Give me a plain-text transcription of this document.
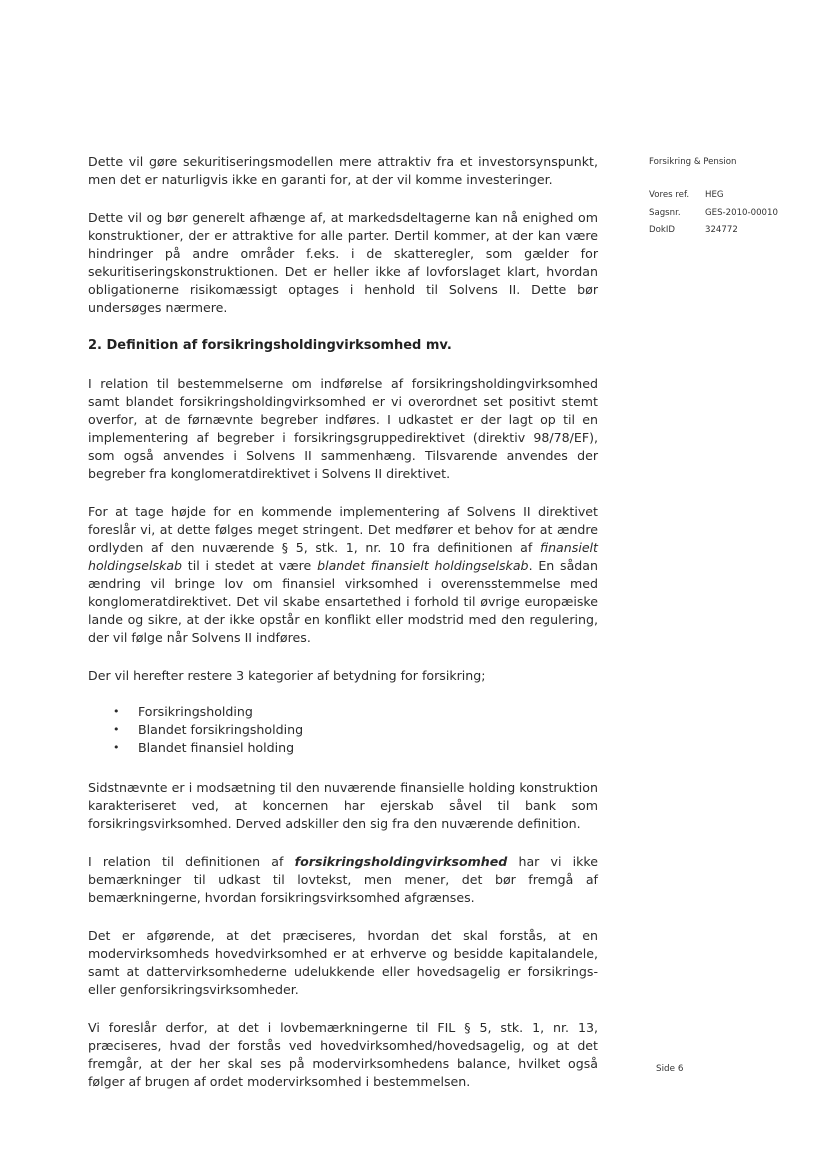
Dette vil gøre sekuritiseringsmodellen mere attraktiv fra et investorsynspunkt, men det er naturligvis ikke en garanti for, at der vil komme investeringer.

Dette vil og bør generelt afhænge af, at markedsdeltagerne kan nå enighed om konstruktioner, der er attraktive for alle parter. Dertil kommer, at der kan være hindringer på andre områder f.eks. i de skatteregler, som gælder for sekuritiseringskonstruktionen. Det er heller ikke af lovforslaget klart, hvordan obligationerne risikomæssigt optages i henhold til Solvens II. Dette bør undersøges nærmere.

2. Definition af forsikringsholdingvirksomhed mv.

I relation til bestemmelserne om indførelse af forsikringsholdingvirksomhed samt blandet forsikringsholdingvirksomhed er vi overordnet set positivt stemt overfor, at de førnævnte begreber indføres. I udkastet er der lagt op til en implementering af begreber i forsikringsgruppedirektivet (direktiv 98/78/EF), som også anvendes i Solvens II sammenhæng. Tilsvarende anvendes der begreber fra konglomeratdirektivet i Solvens II direktivet.

For at tage højde for en kommende implementering af Solvens II direktivet foreslår vi, at dette følges meget stringent. Det medfører et behov for at ændre ordlyden af den nuværende § 5, stk. 1, nr. 10 fra definitionen af finansielt holdingselskab til i stedet at være blandet finansielt holdingselskab. En sådan ændring vil bringe lov om finansiel virksomhed i overensstemmelse med konglomeratdirektivet. Det vil skabe ensartethed i forhold til øvrige europæiske lande og sikre, at der ikke opstår en konflikt eller modstrid med den regulering, der vil følge når Solvens II indføres.

Der vil herefter restere 3 kategorier af betydning for forsikring;

• Forsikringsholding
• Blandet forsikringsholding
• Blandet finansiel holding

Sidstnævnte er i modsætning til den nuværende finansielle holding konstruktion karakteriseret ved, at koncernen har ejerskab såvel til bank som forsikringsvirksomhed. Derved adskiller den sig fra den nuværende definition.

I relation til definitionen af forsikringsholdingvirksomhed har vi ikke bemærkninger til udkast til lovtekst, men mener, det bør fremgå af bemærkningerne, hvordan forsikringsvirksomhed afgrænses.

Det er afgørende, at det præciseres, hvordan det skal forstås, at en modervirksomheds hovedvirksomhed er at erhverve og besidde kapitalandele, samt at dattervirksomhederne udelukkende eller hovedsagelig er forsikrings- eller genforsikringsvirksomheder.

Vi foreslår derfor, at det i lovbemærkningerne til FIL § 5, stk. 1, nr. 13, præciseres, hvad der forstås ved hovedvirksomhed/hovedsagelig, og at det fremgår, at der her skal ses på modervirksomhedens balance, hvilket også følger af brugen af ordet modervirksomhed i bestemmelsen.

Forsikring & Pension
Vores ref.	HEG
Sagsnr.	GES-2010-00010
DokID	324772
Side 6
